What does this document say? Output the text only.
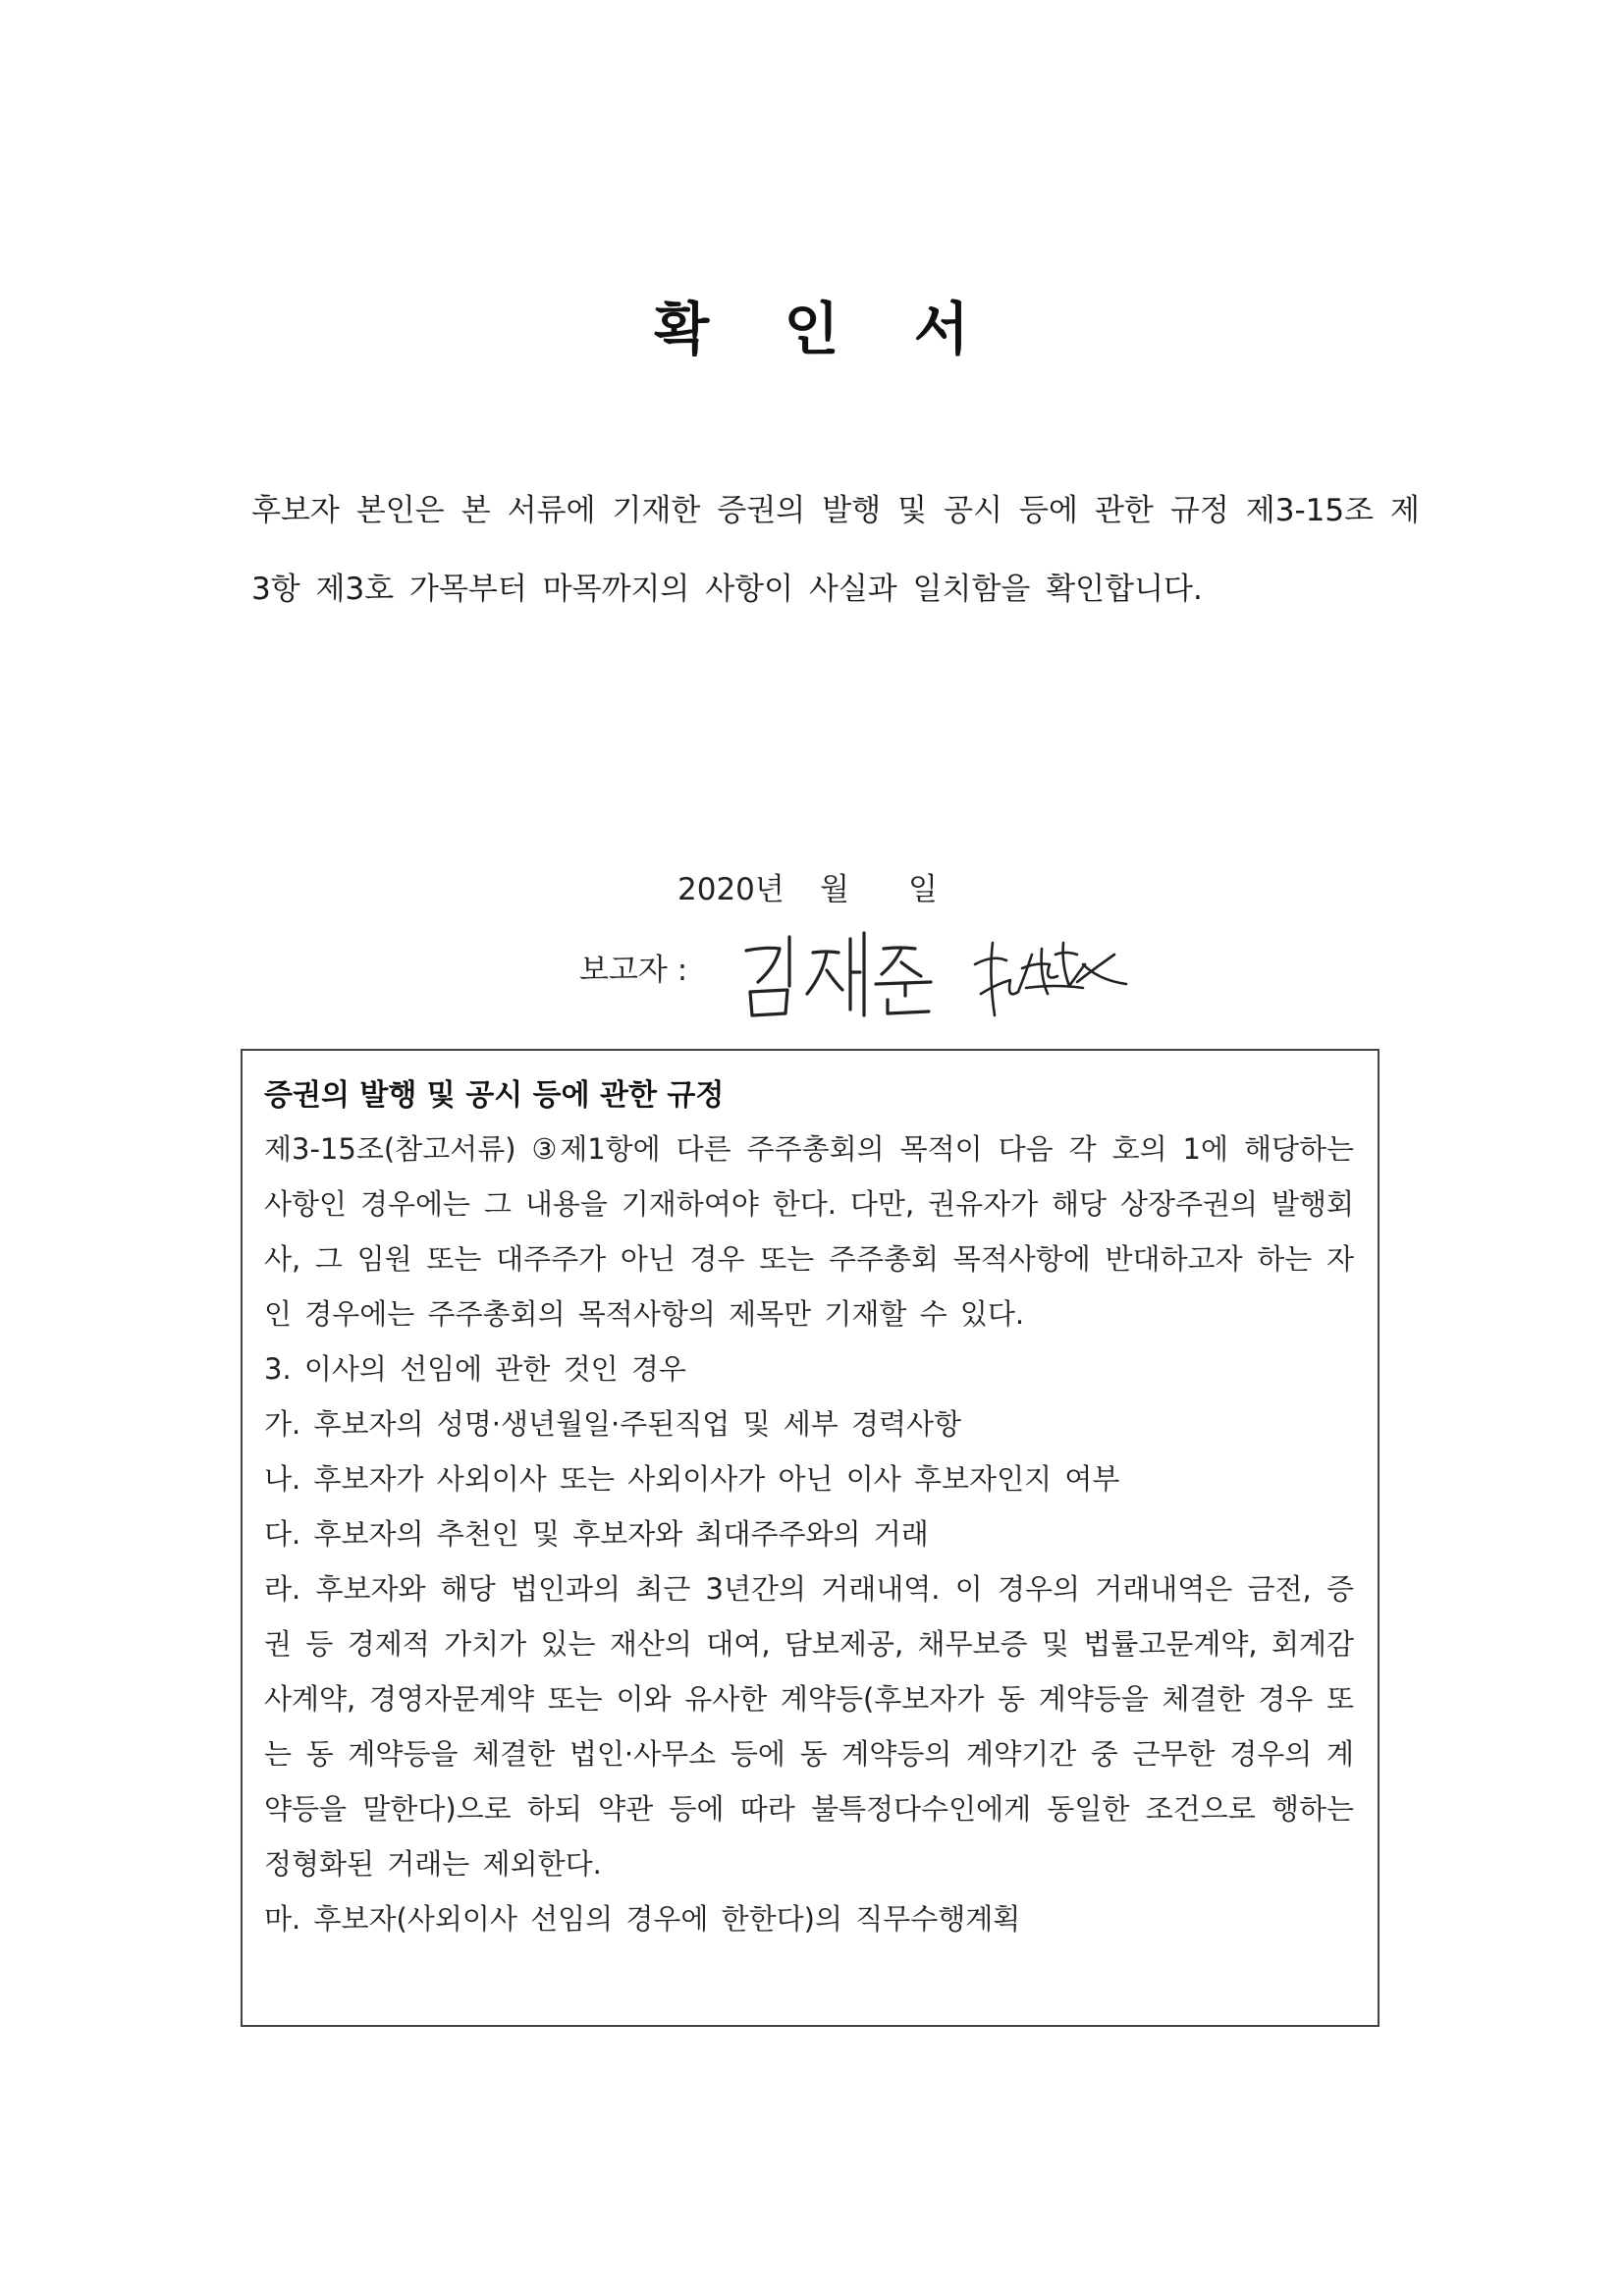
확 인 서
후보자 본인은 본 서류에 기재한 증권의 발행 및 공시 등에 관한 규정 제3-15조 제3항 제3호 가목부터 마목까지의 사항이 사실과 일치함을 확인합니다.
2020년 월 일
보고자 :
증권의 발행 및 공시 등에 관한 규정
제3-15조(참고서류) ③제1항에 다른 주주총회의 목적이 다음 각 호의 1에 해당하는 사항인 경우에는 그 내용을 기재하여야 한다. 다만, 권유자가 해당 상장주권의 발행회사, 그 임원 또는 대주주가 아닌 경우 또는 주주총회 목적사항에 반대하고자 하는 자인 경우에는 주주총회의 목적사항의 제목만 기재할 수 있다.
3. 이사의 선임에 관한 것인 경우
가. 후보자의 성명·생년월일·주된직업 및 세부 경력사항
나. 후보자가 사외이사 또는 사외이사가 아닌 이사 후보자인지 여부
다. 후보자의 추천인 및 후보자와 최대주주와의 거래
라. 후보자와 해당 법인과의 최근 3년간의 거래내역. 이 경우의 거래내역은 금전, 증권 등 경제적 가치가 있는 재산의 대여, 담보제공, 채무보증 및 법률고문계약, 회계감사계약, 경영자문계약 또는 이와 유사한 계약등(후보자가 동 계약등을 체결한 경우 또는 동 계약등을 체결한 법인·사무소 등에 동 계약등의 계약기간 중 근무한 경우의 계약등을 말한다)으로 하되 약관 등에 따라 불특정다수인에게 동일한 조건으로 행하는 정형화된 거래는 제외한다.
마. 후보자(사외이사 선임의 경우에 한한다)의 직무수행계획
